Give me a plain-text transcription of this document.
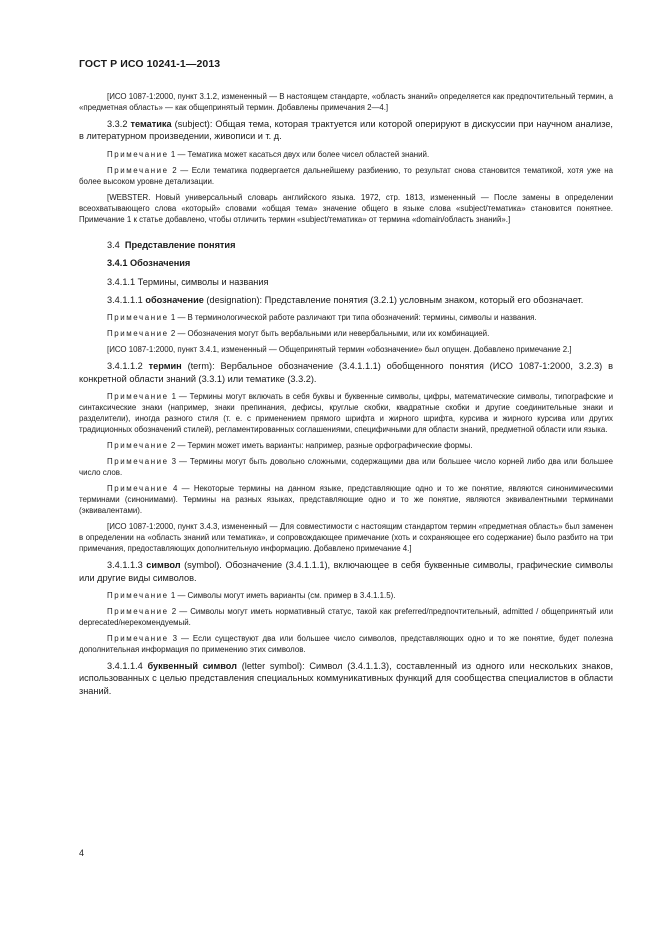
ГОСТ Р ИСО 10241-1—2013

[ИСО 1087-1:2000, пункт 3.1.2, измененный — В настоящем стандарте, «область знаний» определяется как предпочтительный термин, а «предметная область» — как общепринятый термин. Добавлены примечания 2—4.]

3.3.2 тематика (subject): Общая тема, которая трактуется или которой оперируют в дискуссии при научном анализе, в литературном произведении, живописи и т. д.

Примечание 1 — Тематика может касаться двух или более чисел областей знаний.

Примечание 2 — Если тематика подвергается дальнейшему разбиению, то результат снова становится тематикой, хотя уже на более высоком уровне детализации.

[WEBSTER. Новый универсальный словарь английского языка. 1972, стр. 1813, измененный — После замены в определении всеохватывающего слова «который» словами «общая тема» значение общего в языке слова «subject/тематика» становится понятнее. Примечание 1 к статье добавлено, чтобы отличить термин «subject/тематика» от термина «domain/область знаний».]

3.4 Представление понятия

3.4.1 Обозначения

3.4.1.1 Термины, символы и названия

3.4.1.1.1 обозначение (designation): Представление понятия (3.2.1) условным знаком, который его обозначает.

Примечание 1 — В терминологической работе различают три типа обозначений: термины, символы и названия.

Примечание 2 — Обозначения могут быть вербальными или невербальными, или их комбинацией.

[ИСО 1087-1:2000, пункт 3.4.1, измененный — Общепринятый термин «обозначение» был опущен. Добавлено примечание 2.]

3.4.1.1.2 термин (term): Вербальное обозначение (3.4.1.1.1) обобщенного понятия (ИСО 1087-1:2000, 3.2.3) в конкретной области знаний (3.3.1) или тематике (3.3.2).

Примечание 1 — Термины могут включать в себя буквы и буквенные символы, цифры, математические символы, типографские и синтаксические знаки (например, знаки препинания, дефисы, круглые скобки, квадратные скобки и другие соединительные знаки и разделители), иногда разного стиля (т. е. с применением прямого шрифта и жирного шрифта, курсива и жирного курсива или других традиционных обозначений стилей), регламентированных соглашениями, специфичными для области знаний, предметной области или языка.

Примечание 2 — Термин может иметь варианты: например, разные орфографические формы.

Примечание 3 — Термины могут быть довольно сложными, содержащими два или большее число корней либо два или большее число слов.

Примечание 4 — Некоторые термины на данном языке, представляющие одно и то же понятие, являются синонимическими терминами (синонимами). Термины на разных языках, представляющие одно и то же понятие, являются эквивалентными терминами (эквивалентами).

[ИСО 1087-1:2000, пункт 3.4.3, измененный — Для совместимости с настоящим стандартом термин «предметная область» был заменен в определении на «область знаний или тематика», и сопровождающее примечание (хоть и сохраняющее его содержание) было разбито на три примечания, предоставляющих дополнительную информацию. Добавлено примечание 4.]

3.4.1.1.3 символ (symbol). Обозначение (3.4.1.1.1), включающее в себя буквенные символы, графические символы или другие виды символов.

Примечание 1 — Символы могут иметь варианты (см. пример в 3.4.1.1.5).

Примечание 2 — Символы могут иметь нормативный статус, такой как preferred/предпочтительный, admitted / общепринятый или deprecated/нерекомендуемый.

Примечание 3 — Если существуют два или большее число символов, представляющих одно и то же понятие, будет полезна дополнительная информация по применению этих символов.

3.4.1.1.4 буквенный символ (letter symbol): Символ (3.4.1.1.3), составленный из одного или нескольких знаков, использованных с целью представления специальных коммуникативных функций для сообщества специалистов в области знаний.

4
